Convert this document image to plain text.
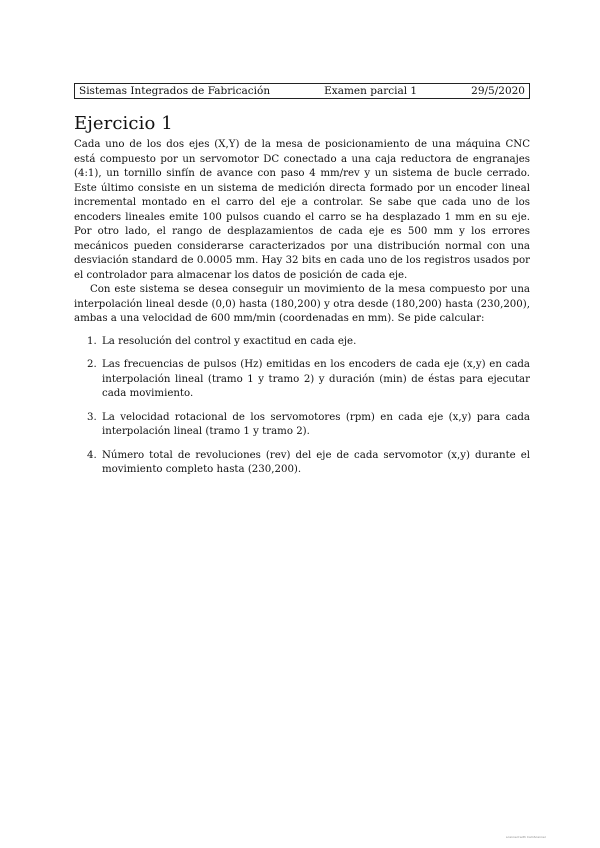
Sistemas Integrados de Fabricación	Examen parcial 1	29/5/2020
Ejercicio 1

Cada uno de los dos ejes (X,Y) de la mesa de posicionamiento de una máquina CNC está compuesto por un servomotor DC conectado a una caja reductora de engranajes (4:1), un tornillo sinfín de avance con paso 4 mm/rev y un sistema de bucle cerrado. Este último consiste en un sistema de medición directa formado por un encoder lineal incremental montado en el carro del eje a controlar. Se sabe que cada uno de los encoders lineales emite 100 pulsos cuando el carro se ha desplazado 1 mm en su eje. Por otro lado, el rango de desplazamientos de cada eje es 500 mm y los errores mecánicos pueden considerarse caracterizados por una distribución normal con una desviación standard de 0.0005 mm. Hay 32 bits en cada uno de los registros usados por el controlador para almacenar los datos de posición de cada eje.

Con este sistema se desea conseguir un movimiento de la mesa compuesto por una interpolación lineal desde (0,0) hasta (180,200) y otra desde (180,200) hasta (230,200), ambas a una velocidad de 600 mm/min (coordenadas en mm). Se pide calcular:

1. La resolución del control y exactitud en cada eje.
2. Las frecuencias de pulsos (Hz) emitidas en los encoders de cada eje (x,y) en cada interpolación lineal (tramo 1 y tramo 2) y duración (min) de éstas para ejecutar cada movimiento.
3. La velocidad rotacional de los servomotores (rpm) en cada eje (x,y) para cada interpolación lineal (tramo 1 y tramo 2).
4. Número total de revoluciones (rev) del eje de cada servomotor (x,y) durante el movimiento completo hasta (230,200).
scanned with CamScanner
